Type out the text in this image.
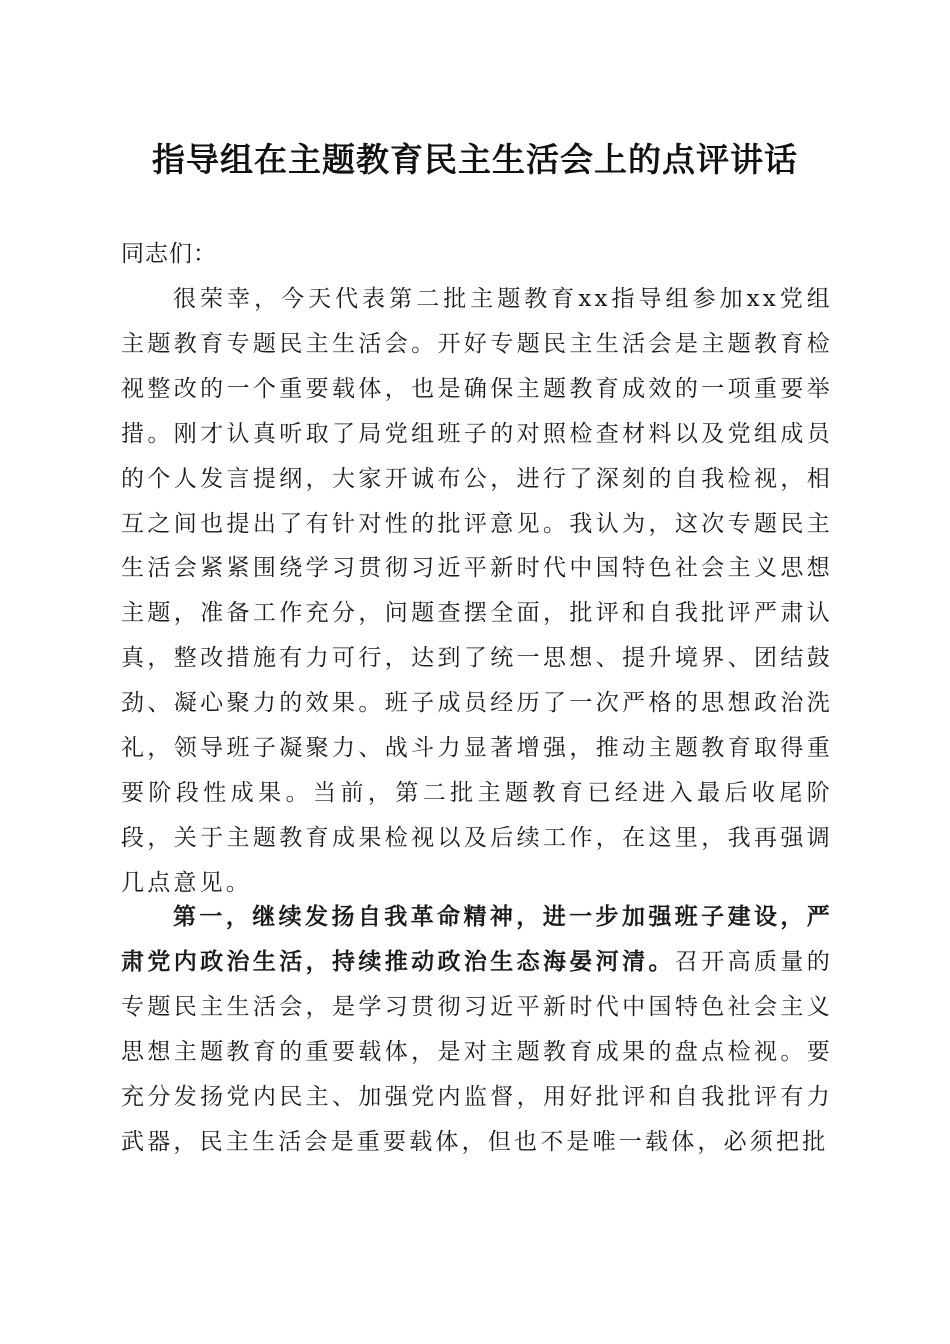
指导组在主题教育民主生活会上的点评讲话
同志们：

很荣幸，今天代表第二批主题教育xx指导组参加xx党组主题教育专题民主生活会。开好专题民主生活会是主题教育检视整改的一个重要载体，也是确保主题教育成效的一项重要举措。刚才认真听取了局党组班子的对照检查材料以及党组成员的个人发言提纲，大家开诚布公，进行了深刻的自我检视，相互之间也提出了有针对性的批评意见。我认为，这次专题民主生活会紧紧围绕学习贯彻习近平新时代中国特色社会主义思想主题，准备工作充分，问题查摆全面，批评和自我批评严肃认真，整改措施有力可行，达到了统一思想、提升境界、团结鼓劲、凝心聚力的效果。班子成员经历了一次严格的思想政治洗礼，领导班子凝聚力、战斗力显著增强，推动主题教育取得重要阶段性成果。当前，第二批主题教育已经进入最后收尾阶段，关于主题教育成果检视以及后续工作，在这里，我再强调几点意见。

第一，继续发扬自我革命精神，进一步加强班子建设，严肃党内政治生活，持续推动政治生态海晏河清。召开高质量的专题民主生活会，是学习贯彻习近平新时代中国特色社会主义思想主题教育的重要载体，是对主题教育成果的盘点检视。要充分发扬党内民主、加强党内监督，用好批评和自我批评有力武器，民主生活会是重要载体，但也不是唯一载体，必须把批
